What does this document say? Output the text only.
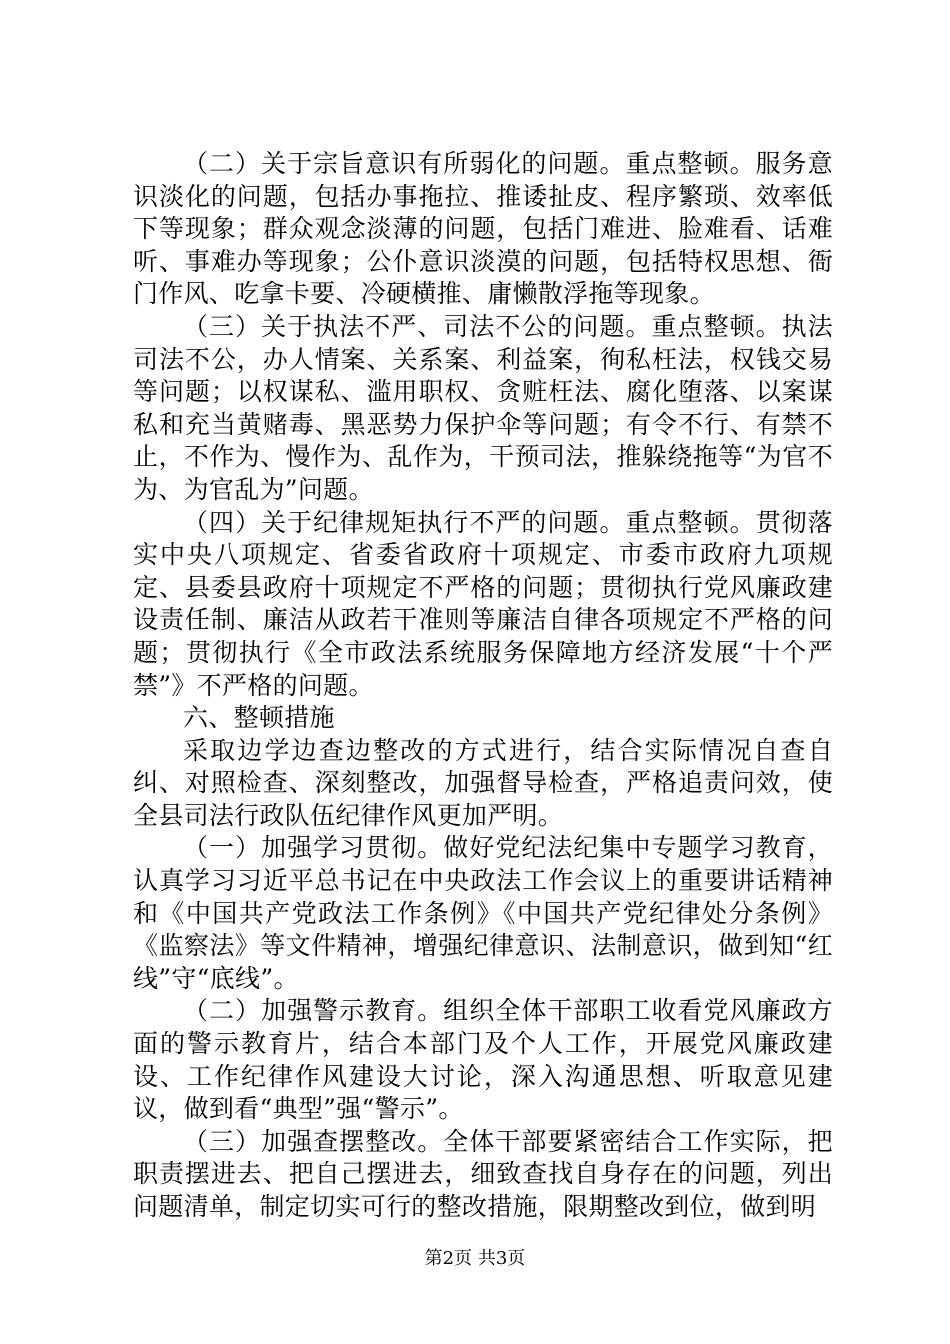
（二）关于宗旨意识有所弱化的问题。重点整顿。服务意识淡化的问题，包括办事拖拉、推诿扯皮、程序繁琐、效率低下等现象；群众观念淡薄的问题，包括门难进、脸难看、话难听、事难办等现象；公仆意识淡漠的问题，包括特权思想、衙门作风、吃拿卡要、冷硬横推、庸懒散浮拖等现象。

（三）关于执法不严、司法不公的问题。重点整顿。执法司法不公，办人情案、关系案、利益案，徇私枉法，权钱交易等问题；以权谋私、滥用职权、贪赃枉法、腐化堕落、以案谋私和充当黄赌毒、黑恶势力保护伞等问题；有令不行、有禁不止，不作为、慢作为、乱作为，干预司法，推躲绕拖等“为官不为、为官乱为”问题。

（四）关于纪律规矩执行不严的问题。重点整顿。贯彻落实中央八项规定、省委省政府十项规定、市委市政府九项规定、县委县政府十项规定不严格的问题；贯彻执行党风廉政建设责任制、廉洁从政若干准则等廉洁自律各项规定不严格的问题；贯彻执行《全市政法系统服务保障地方经济发展“十个严禁”》不严格的问题。

六、整顿措施

采取边学边查边整改的方式进行，结合实际情况自查自纠、对照检查、深刻整改，加强督导检查，严格追责问效，使全县司法行政队伍纪律作风更加严明。

（一）加强学习贯彻。做好党纪法纪集中专题学习教育，认真学习习近平总书记在中央政法工作会议上的重要讲话精神和《中国共产党政法工作条例》《中国共产党纪律处分条例》《监察法》等文件精神，增强纪律意识、法制意识，做到知“红线”守“底线”。

（二）加强警示教育。组织全体干部职工收看党风廉政方面的警示教育片，结合本部门及个人工作，开展党风廉政建设、工作纪律作风建设大讨论，深入沟通思想、听取意见建议，做到看“典型”强“警示”。

（三）加强查摆整改。全体干部要紧密结合工作实际，把职责摆进去、把自己摆进去，细致查找自身存在的问题，列出问题清单，制定切实可行的整改措施，限期整改到位，做到明

第2页 共3页
